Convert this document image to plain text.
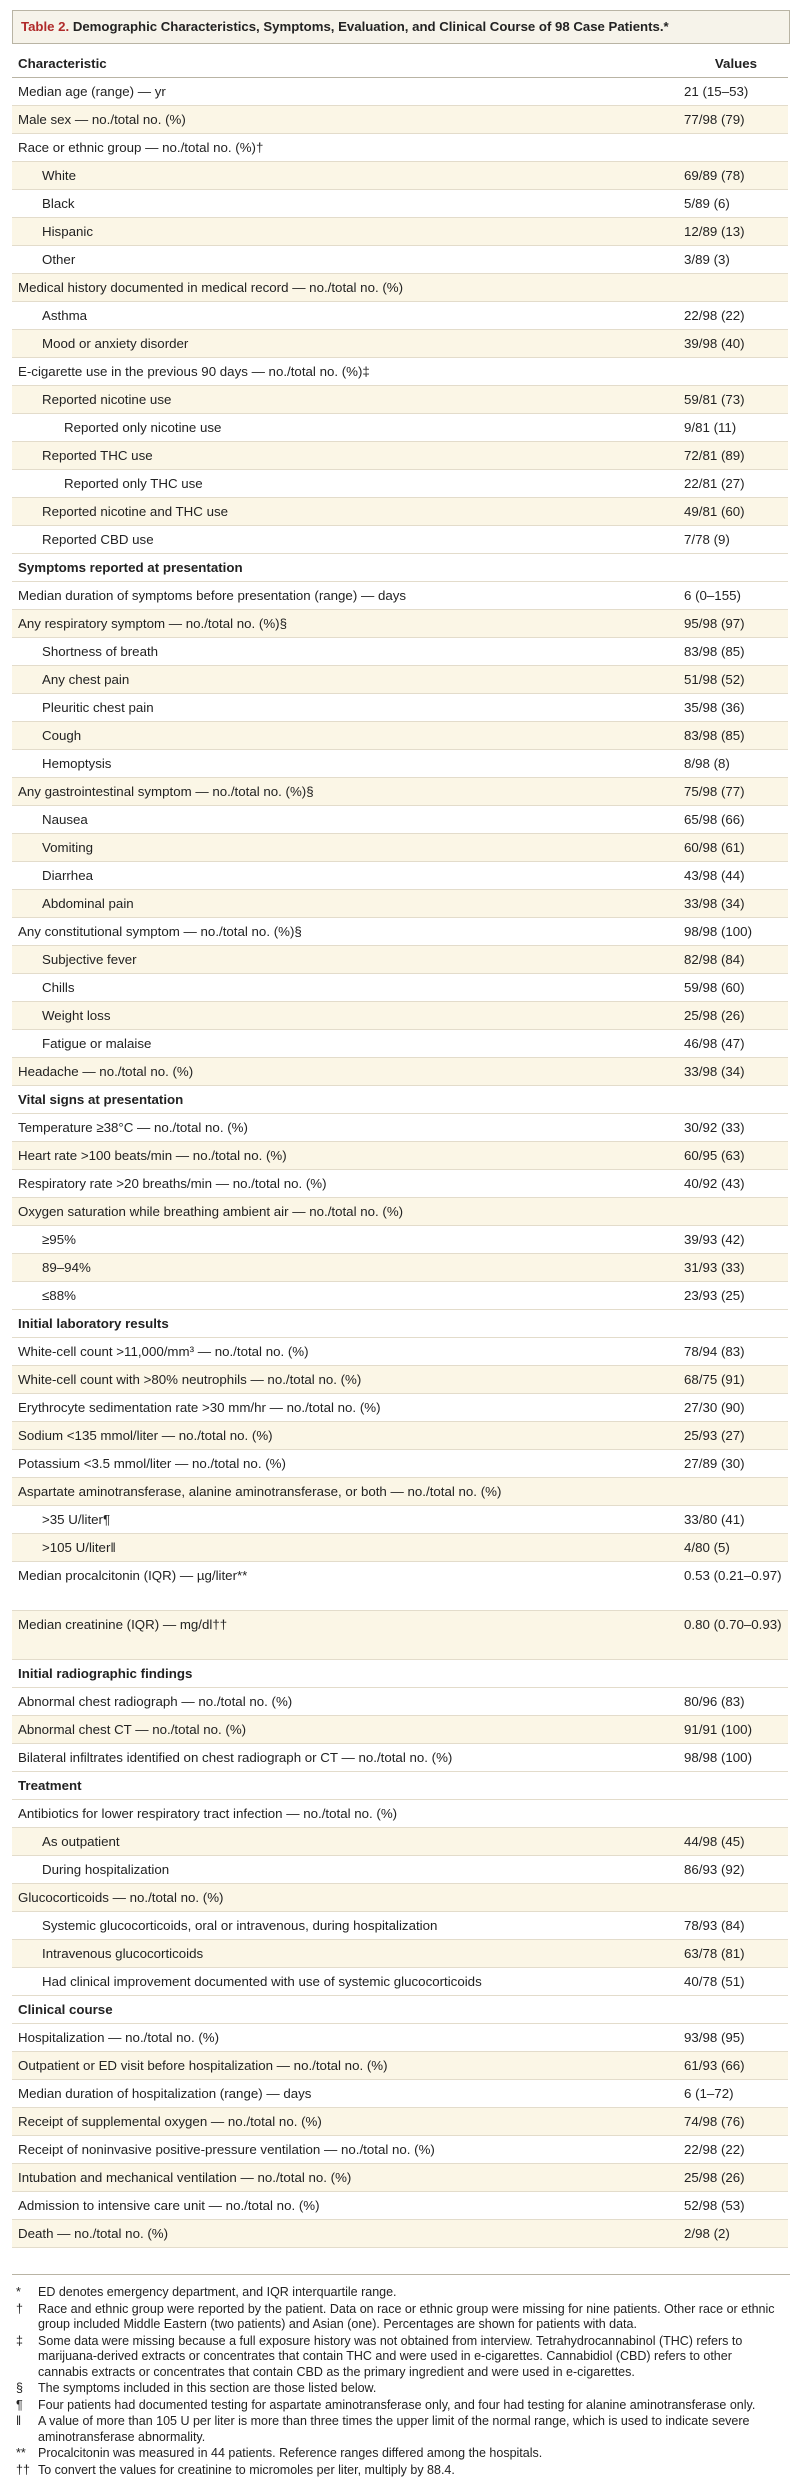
Table 2. Demographic Characteristics, Symptoms, Evaluation, and Clinical Course of 98 Case Patients.*
Characteristic	Values
Median age (range) — yr	21 (15–53)
Male sex — no./total no. (%)	77/98 (79)
Race or ethnic group — no./total no. (%)†
White	69/89 (78)
Black	5/89 (6)
Hispanic	12/89 (13)
Other	3/89 (3)
Medical history documented in medical record — no./total no. (%)
Asthma	22/98 (22)
Mood or anxiety disorder	39/98 (40)
E-cigarette use in the previous 90 days — no./total no. (%)‡
Reported nicotine use	59/81 (73)
Reported only nicotine use	9/81 (11)
Reported THC use	72/81 (89)
Reported only THC use	22/81 (27)
Reported nicotine and THC use	49/81 (60)
Reported CBD use	7/78 (9)
Symptoms reported at presentation
Median duration of symptoms before presentation (range) — days	6 (0–155)
Any respiratory symptom — no./total no. (%)§	95/98 (97)
Shortness of breath	83/98 (85)
Any chest pain	51/98 (52)
Pleuritic chest pain	35/98 (36)
Cough	83/98 (85)
Hemoptysis	8/98 (8)
Any gastrointestinal symptom — no./total no. (%)§	75/98 (77)
Nausea	65/98 (66)
Vomiting	60/98 (61)
Diarrhea	43/98 (44)
Abdominal pain	33/98 (34)
Any constitutional symptom — no./total no. (%)§	98/98 (100)
Subjective fever	82/98 (84)
Chills	59/98 (60)
Weight loss	25/98 (26)
Fatigue or malaise	46/98 (47)
Headache — no./total no. (%)	33/98 (34)
Vital signs at presentation
Temperature ≥38°C — no./total no. (%)	30/92 (33)
Heart rate >100 beats/min — no./total no. (%)	60/95 (63)
Respiratory rate >20 breaths/min — no./total no. (%)	40/92 (43)
Oxygen saturation while breathing ambient air — no./total no. (%)
≥95%	39/93 (42)
89–94%	31/93 (33)
≤88%	23/93 (25)
Initial laboratory results
White-cell count >11,000/mm³ — no./total no. (%)	78/94 (83)
White-cell count with >80% neutrophils — no./total no. (%)	68/75 (91)
Erythrocyte sedimentation rate >30 mm/hr — no./total no. (%)	27/30 (90)
Sodium <135 mmol/liter — no./total no. (%)	25/93 (27)
Potassium <3.5 mmol/liter — no./total no. (%)	27/89 (30)
Aspartate aminotransferase, alanine aminotransferase, or both — no./total no. (%)
>35 U/liter¶	33/80 (41)
>105 U/liter‖	4/80 (5)
Median procalcitonin (IQR) — µg/liter**	0.53 (0.21–0.97)
Median creatinine (IQR) — mg/dl††	0.80 (0.70–0.93)
Initial radiographic findings
Abnormal chest radiograph — no./total no. (%)	80/96 (83)
Abnormal chest CT — no./total no. (%)	91/91 (100)
Bilateral infiltrates identified on chest radiograph or CT — no./total no. (%)	98/98 (100)
Treatment
Antibiotics for lower respiratory tract infection — no./total no. (%)
As outpatient	44/98 (45)
During hospitalization	86/93 (92)
Glucocorticoids — no./total no. (%)
Systemic glucocorticoids, oral or intravenous, during hospitalization	78/93 (84)
Intravenous glucocorticoids	63/78 (81)
Had clinical improvement documented with use of systemic glucocorticoids	40/78 (51)
Clinical course
Hospitalization — no./total no. (%)	93/98 (95)
Outpatient or ED visit before hospitalization — no./total no. (%)	61/93 (66)
Median duration of hospitalization (range) — days	6 (1–72)
Receipt of supplemental oxygen — no./total no. (%)	74/98 (76)
Receipt of noninvasive positive-pressure ventilation — no./total no. (%)	22/98 (22)
Intubation and mechanical ventilation — no./total no. (%)	25/98 (26)
Admission to intensive care unit — no./total no. (%)	52/98 (53)
Death — no./total no. (%)	2/98 (2)
*	ED denotes emergency department, and IQR interquartile range.
†	Race and ethnic group were reported by the patient. Data on race or ethnic group were missing for nine patients. Other race or ethnic group included Middle Eastern (two patients) and Asian (one). Percentages are shown for patients with data.
‡	Some data were missing because a full exposure history was not obtained from interview. Tetrahydrocannabinol (THC) refers to marijuana-derived extracts or concentrates that contain THC and were used in e-cigarettes. Cannabidiol (CBD) refers to other cannabis extracts or concentrates that contain CBD as the primary ingredient and were used in e-cigarettes.
§	The symptoms included in this section are those listed below.
¶	Four patients had documented testing for aspartate aminotransferase only, and four had testing for alanine aminotransferase only.
‖	A value of more than 105 U per liter is more than three times the upper limit of the normal range, which is used to indicate severe aminotransferase abnormality.
** Procalcitonin was measured in 44 patients. Reference ranges differed among the hospitals.
†† To convert the values for creatinine to micromoles per liter, multiply by 88.4.
